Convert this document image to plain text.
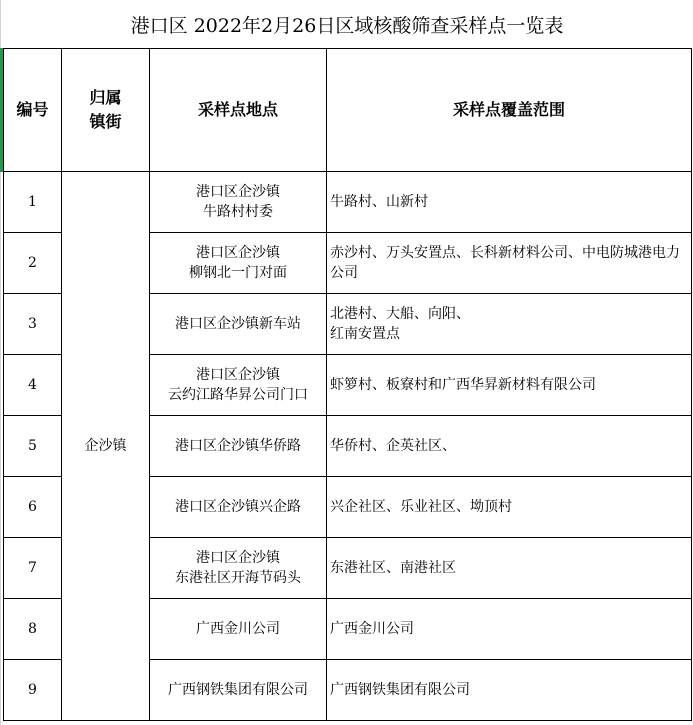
港口区 2022年2月26日区域核酸筛查采样点一览表
编号	归属镇街	采样点地点	采样点覆盖范围
1	企沙镇	港口区企沙镇
牛路村村委	牛路村、山新村
2		港口区企沙镇
柳钢北一门对面	赤沙村、万头安置点、长科新材料公司、中电防城港电力公司
3		港口区企沙镇新车站	北港村、大船、向阳、
红南安置点
4		港口区企沙镇
云约江路华昇公司门口	虾箩村、板寮村和广西华昇新材料有限公司
5		港口区企沙镇华侨路	华侨村、企英社区、
6		港口区企沙镇兴企路	兴企社区、乐业社区、坳顶村
7		港口区企沙镇
东港社区开海节码头	东港社区、南港社区
8		广西金川公司	广西金川公司
9		广西钢铁集团有限公司	广西钢铁集团有限公司
